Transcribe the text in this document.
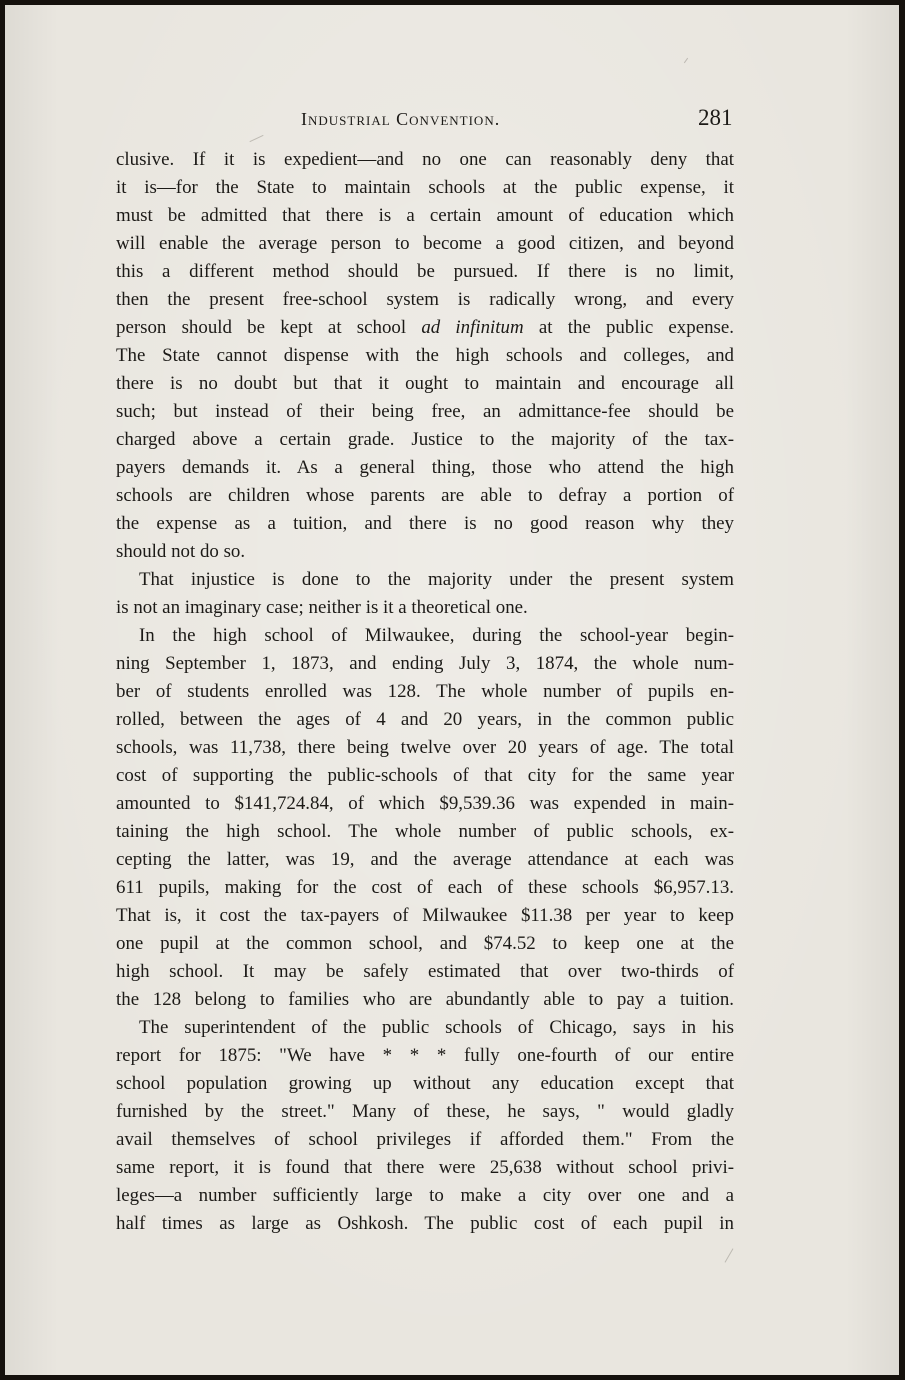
Industrial Convention.	281
clusive. If it is expedient—and no one can reasonably deny that
it is—for the State to maintain schools at the public expense, it
must be admitted that there is a certain amount of education which
will enable the average person to become a good citizen, and beyond
this a different method should be pursued. If there is no limit,
then the present free-school system is radically wrong, and every
person should be kept at school ad infinitum at the public expense.
The State cannot dispense with the high schools and colleges, and
there is no doubt but that it ought to maintain and encourage all
such; but instead of their being free, an admittance-fee should be
charged above a certain grade. Justice to the majority of the tax-
payers demands it. As a general thing, those who attend the high
schools are children whose parents are able to defray a portion of
the expense as a tuition, and there is no good reason why they
should not do so.
That injustice is done to the majority under the present system
is not an imaginary case; neither is it a theoretical one.
In the high school of Milwaukee, during the school-year begin-
ning September 1, 1873, and ending July 3, 1874, the whole num-
ber of students enrolled was 128. The whole number of pupils en-
rolled, between the ages of 4 and 20 years, in the common public
schools, was 11,738, there being twelve over 20 years of age. The total
cost of supporting the public-schools of that city for the same year
amounted to $141,724.84, of which $9,539.36 was expended in main-
taining the high school. The whole number of public schools, ex-
cepting the latter, was 19, and the average attendance at each was
611 pupils, making for the cost of each of these schools $6,957.13.
That is, it cost the tax-payers of Milwaukee $11.38 per year to keep
one pupil at the common school, and $74.52 to keep one at the
high school. It may be safely estimated that over two-thirds of
the 128 belong to families who are abundantly able to pay a tuition.
The superintendent of the public schools of Chicago, says in his
report for 1875: "We have * * * fully one-fourth of our entire
school population growing up without any education except that
furnished by the street." Many of these, he says, " would gladly
avail themselves of school privileges if afforded them." From the
same report, it is found that there were 25,638 without school privi-
leges—a number sufficiently large to make a city over one and a
half times as large as Oshkosh. The public cost of each pupil in
